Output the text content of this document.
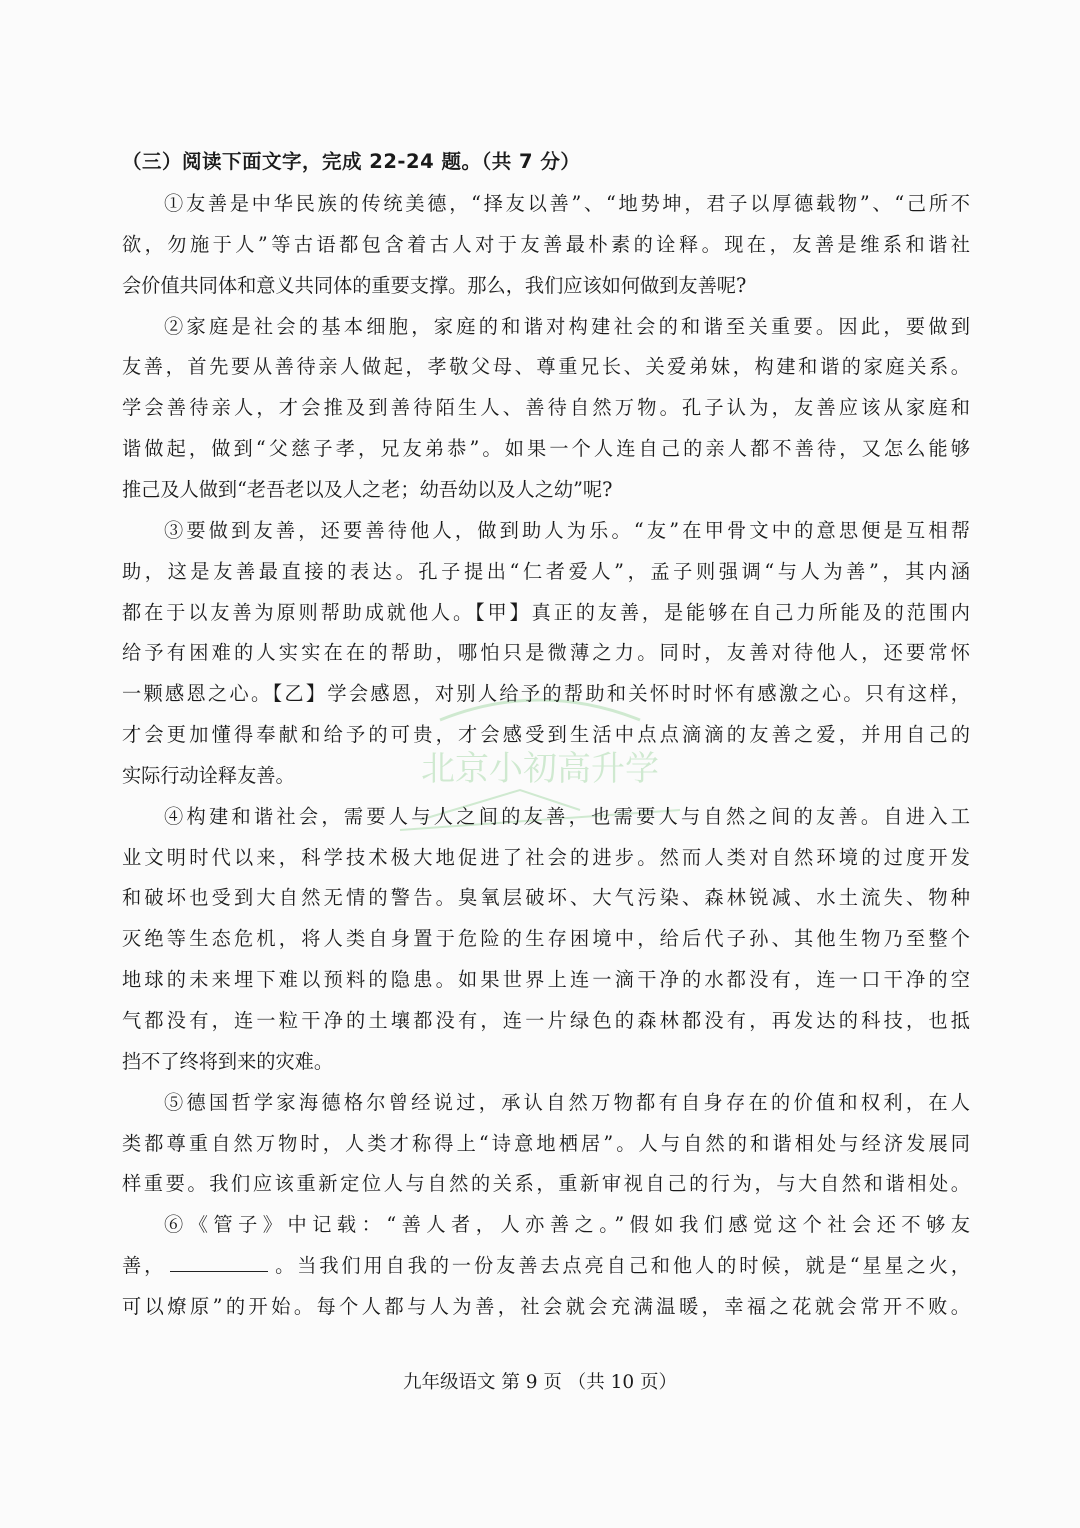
北京小初高升学
（三）阅读下面文字，完成 22-24 题。（共 7 分）
①友善是中华民族的传统美德，“择友以善”、“地势坤，君子以厚德载物”、“己所不
欲，勿施于人”等古语都包含着古人对于友善最朴素的诠释。现在，友善是维系和谐社
会价值共同体和意义共同体的重要支撑。那么，我们应该如何做到友善呢?
②家庭是社会的基本细胞，家庭的和谐对构建社会的和谐至关重要。因此，要做到
友善，首先要从善待亲人做起，孝敬父母、尊重兄长、关爱弟妹，构建和谐的家庭关系。
学会善待亲人，才会推及到善待陌生人、善待自然万物。孔子认为，友善应该从家庭和
谐做起，做到“父慈子孝，兄友弟恭”。如果一个人连自己的亲人都不善待，又怎么能够
推己及人做到“老吾老以及人之老；幼吾幼以及人之幼”呢?
③要做到友善，还要善待他人，做到助人为乐。“友”在甲骨文中的意思便是互相帮
助，这是友善最直接的表达。孔子提出“仁者爱人”，孟子则强调“与人为善”，其内涵
都在于以友善为原则帮助成就他人。【甲】真正的友善，是能够在自己力所能及的范围内
给予有困难的人实实在在的帮助，哪怕只是微薄之力。同时，友善对待他人，还要常怀
一颗感恩之心。【乙】学会感恩，对别人给予的帮助和关怀时时怀有感激之心。只有这样，
才会更加懂得奉献和给予的可贵，才会感受到生活中点点滴滴的友善之爱，并用自己的
实际行动诠释友善。
④构建和谐社会，需要人与人之间的友善，也需要人与自然之间的友善。自进入工
业文明时代以来，科学技术极大地促进了社会的进步。然而人类对自然环境的过度开发
和破坏也受到大自然无情的警告。臭氧层破坏、大气污染、森林锐减、水土流失、物种
灭绝等生态危机，将人类自身置于危险的生存困境中，给后代子孙、其他生物乃至整个
地球的未来埋下难以预料的隐患。如果世界上连一滴干净的水都没有，连一口干净的空
气都没有，连一粒干净的土壤都没有，连一片绿色的森林都没有，再发达的科技，也抵
挡不了终将到来的灾难。
⑤德国哲学家海德格尔曾经说过，承认自然万物都有自身存在的价值和权利，在人
类都尊重自然万物时，人类才称得上“诗意地栖居”。人与自然的和谐相处与经济发展同
样重要。我们应该重新定位人与自然的关系，重新审视自己的行为，与大自然和谐相处。
⑥《管子》中记载：“善人者，人亦善之。”假如我们感觉这个社会还不够友
善，	。当我们用自我的一份友善去点亮自己和他人的时候，就是“星星之火，
可以燎原”的开始。每个人都与人为善，社会就会充满温暖，幸福之花就会常开不败。
九年级语文 第 9 页 （共 10 页）
